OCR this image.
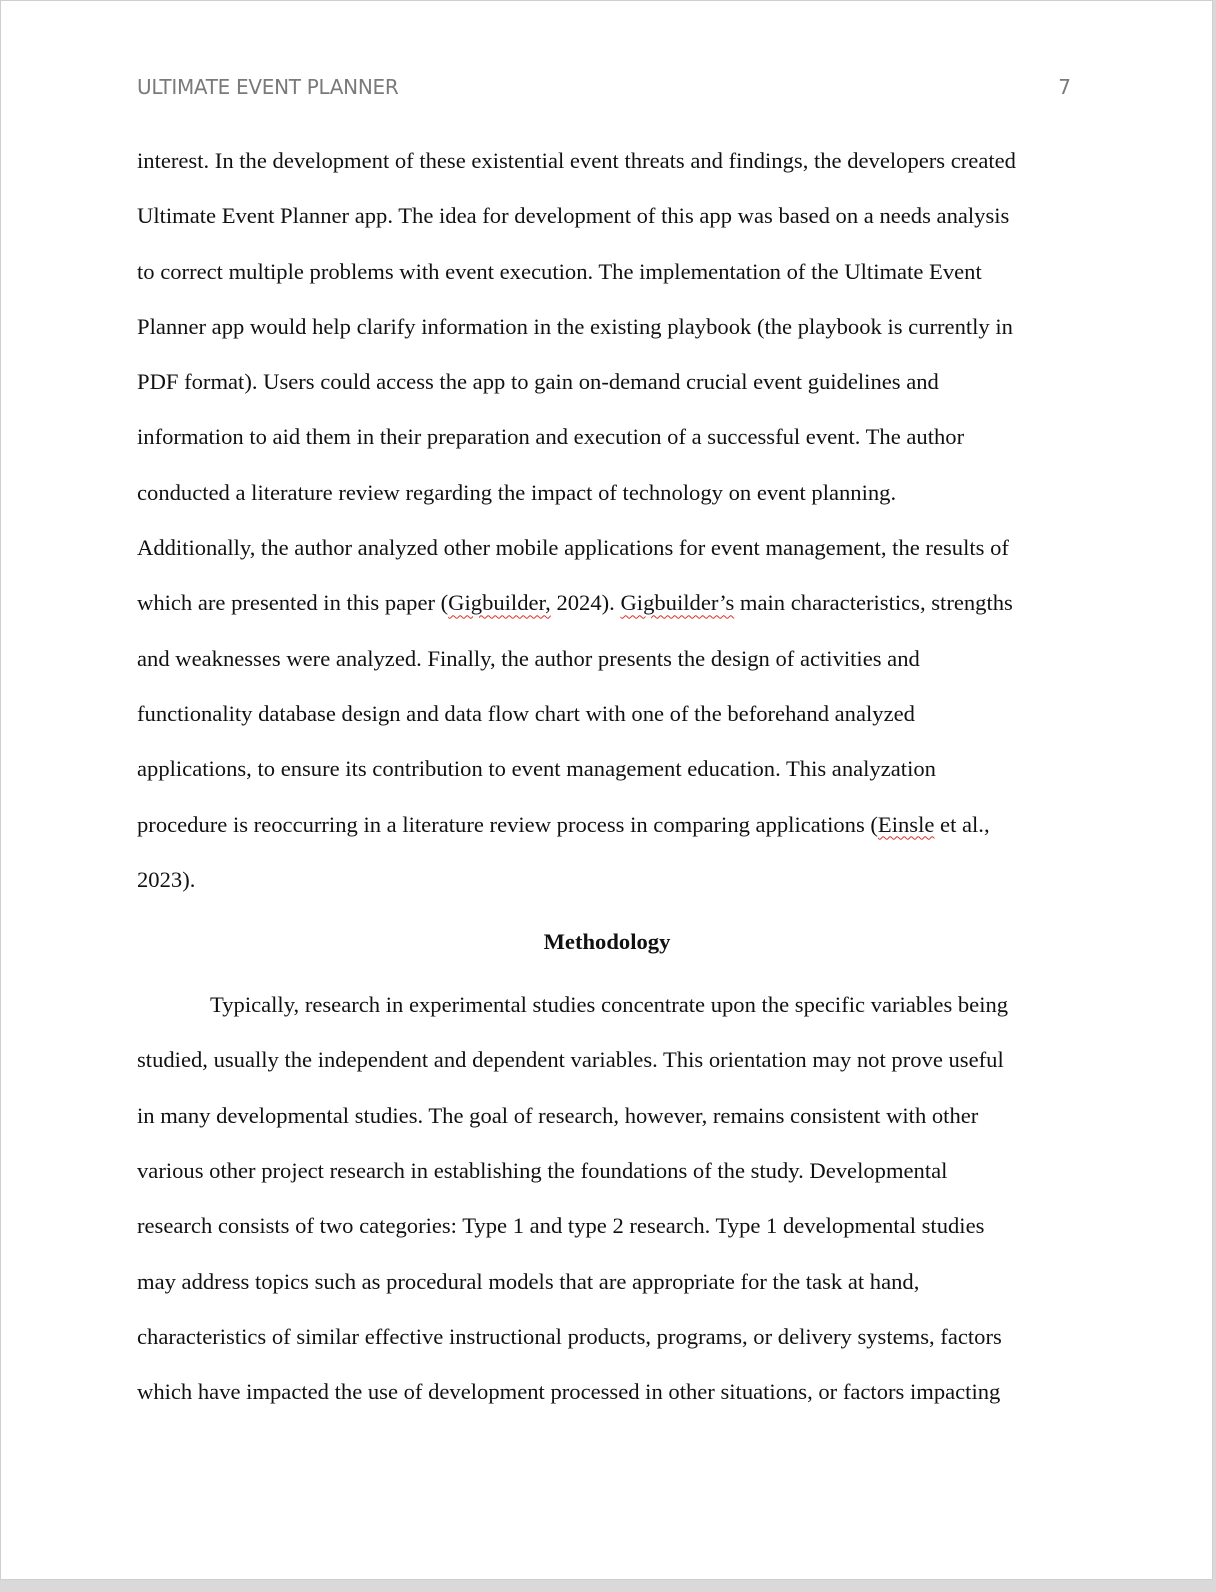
ULTIMATE EVENT PLANNER	7
interest. In the development of these existential event threats and findings, the developers created
Ultimate Event Planner app. The idea for development of this app was based on a needs analysis
to correct multiple problems with event execution. The implementation of the Ultimate Event
Planner app would help clarify information in the existing playbook (the playbook is currently in
PDF format). Users could access the app to gain on-demand crucial event guidelines and
information to aid them in their preparation and execution of a successful event. The author
conducted a literature review regarding the impact of technology on event planning.
Additionally, the author analyzed other mobile applications for event management, the results of
which are presented in this paper (Gigbuilder, 2024). Gigbuilder’s main characteristics, strengths
and weaknesses were analyzed. Finally, the author presents the design of activities and
functionality database design and data flow chart with one of the beforehand analyzed
applications, to ensure its contribution to event management education. This analyzation
procedure is reoccurring in a literature review process in comparing applications (Einsle et al.,
2023).
Methodology
Typically, research in experimental studies concentrate upon the specific variables being
studied, usually the independent and dependent variables. This orientation may not prove useful
in many developmental studies. The goal of research, however, remains consistent with other
various other project research in establishing the foundations of the study. Developmental
research consists of two categories: Type 1 and type 2 research. Type 1 developmental studies
may address topics such as procedural models that are appropriate for the task at hand,
characteristics of similar effective instructional products, programs, or delivery systems, factors
which have impacted the use of development processed in other situations, or factors impacting
